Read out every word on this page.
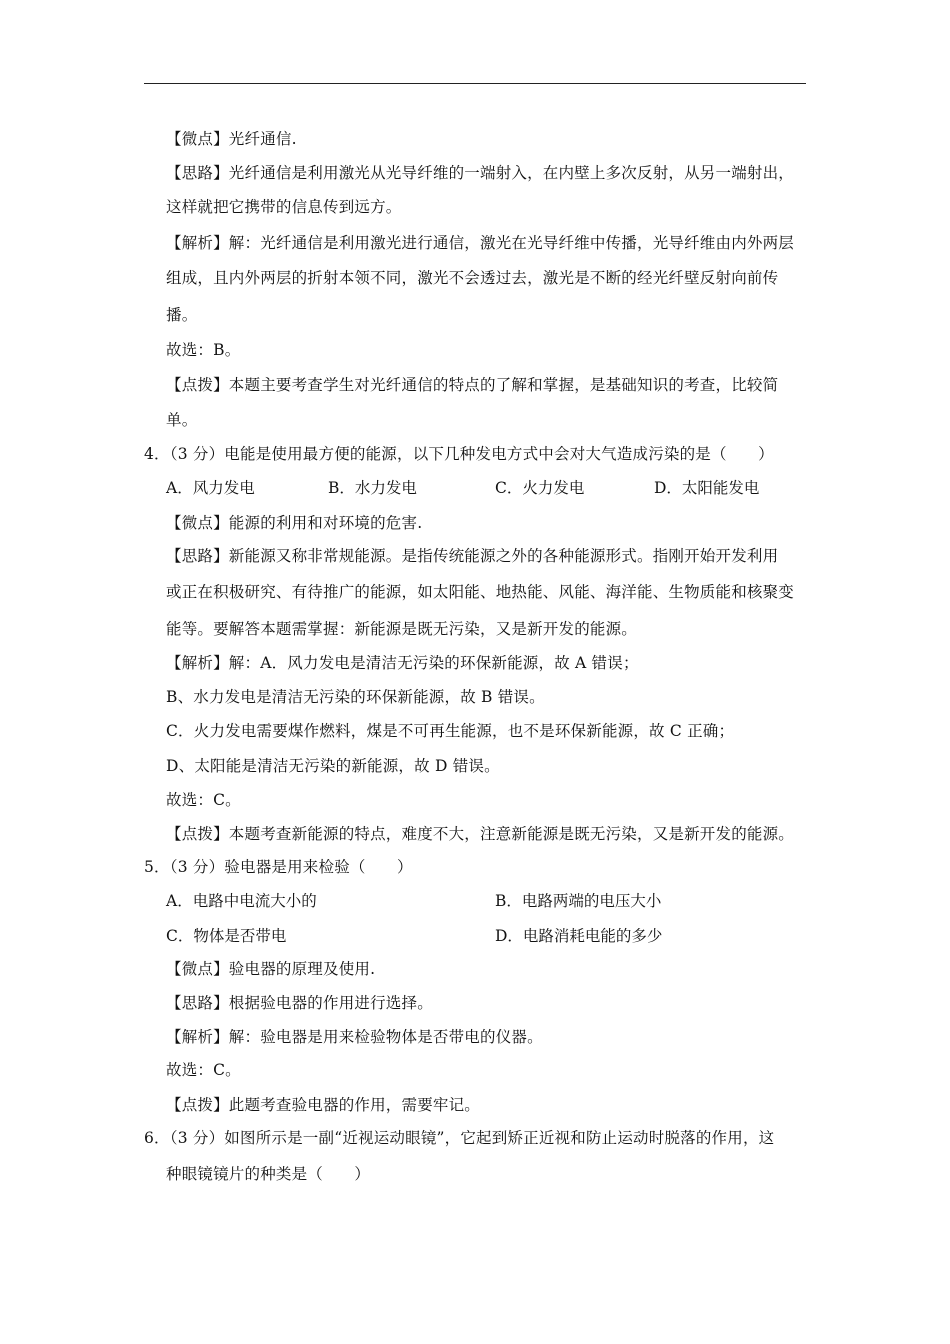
【微点】光纤通信.
【思路】光纤通信是利用激光从光导纤维的一端射入，在内壁上多次反射，从另一端射出，
这样就把它携带的信息传到远方。
【解析】解：光纤通信是利用激光进行通信，激光在光导纤维中传播，光导纤维由内外两层
组成，且内外两层的折射本领不同，激光不会透过去，激光是不断的经光纤壁反射向前传
播。
故选：B。
【点拨】本题主要考查学生对光纤通信的特点的了解和掌握，是基础知识的考查，比较简
单。
4．（3 分）电能是使用最方便的能源，以下几种发电方式中会对大气造成污染的是（　　）
A．风力发电	B．水力发电	C．火力发电	D．太阳能发电
【微点】能源的利用和对环境的危害.
【思路】新能源又称非常规能源。是指传统能源之外的各种能源形式。指刚开始开发利用
或正在积极研究、有待推广的能源，如太阳能、地热能、风能、海洋能、生物质能和核聚变
能等。要解答本题需掌握：新能源是既无污染，又是新开发的能源。
【解析】解：A．风力发电是清洁无污染的环保新能源，故 A 错误；
B、水力发电是清洁无污染的环保新能源，故 B 错误。
C．火力发电需要煤作燃料，煤是不可再生能源，也不是环保新能源，故 C 正确；
D、太阳能是清洁无污染的新能源，故 D 错误。
故选：C。
【点拨】本题考查新能源的特点，难度不大，注意新能源是既无污染，又是新开发的能源。
5．（3 分）验电器是用来检验（　　）
A．电路中电流大小的	B．电路两端的电压大小
C．物体是否带电	D．电路消耗电能的多少
【微点】验电器的原理及使用.
【思路】根据验电器的作用进行选择。
【解析】解：验电器是用来检验物体是否带电的仪器。
故选：C。
【点拨】此题考查验电器的作用，需要牢记。
6．（3 分）如图所示是一副“近视运动眼镜”，它起到矫正近视和防止运动时脱落的作用，这
种眼镜镜片的种类是（　　）
